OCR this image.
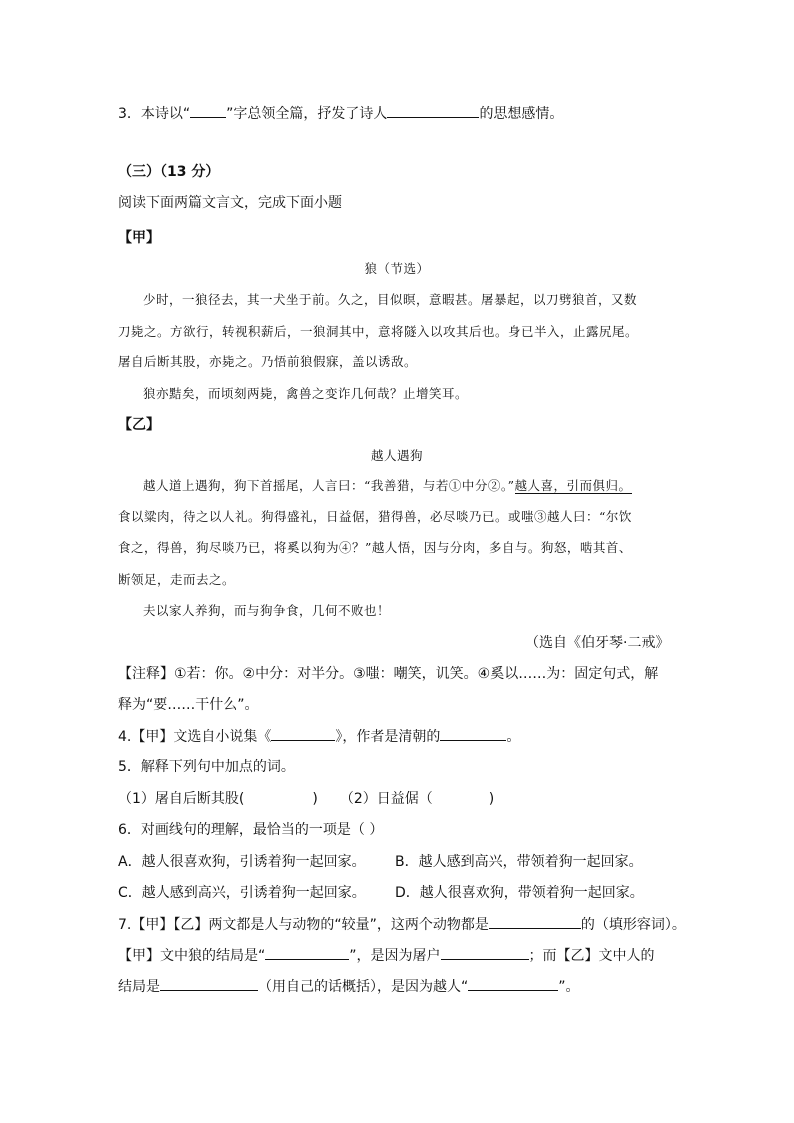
3．本诗以“	”字总领全篇，抒发了诗人	的思想感情。
（三）（13 分）
阅读下面两篇文言文，完成下面小题
【甲】
狼（节选）
少时，一狼径去，其一犬坐于前。久之，目似暝，意暇甚。屠暴起，以刀劈狼首，又数
刀毙之。方欲行，转视积薪后，一狼洞其中，意将隧入以攻其后也。身已半入，止露尻尾。
屠自后断其股，亦毙之。乃悟前狼假寐，盖以诱敌。
狼亦黠矣，而顷刻两毙，禽兽之变诈几何哉？止增笑耳。
【乙】
越人遇狗
越人道上遇狗，狗下首摇尾，人言曰：“我善猎，与若①中分②。”越人喜，引而俱归。
食以粱肉，待之以人礼。狗得盛礼，日益倨，猎得兽，必尽啖乃已。或嗤③越人曰：“尔饮
食之，得兽，狗尽啖乃已，将奚以狗为④？”越人悟，因与分肉，多自与。狗怒，啮其首、
断领足，走而去之。
夫以家人养狗，而与狗争食，几何不败也！
（选自《伯牙琴·二戒》
【注释】①若：你。②中分：对半分。③嗤：嘲笑，讥笑。④奚以……为：固定句式，解
释为“要……干什么”。
4.【甲】文选自小说集《	》，作者是清朝的	。
5．解释下列句中加点的词。
（1）屠自后断其股(	) （2）日益倨（	)
6．对画线句的理解，最恰当的一项是（ ）
A．越人很喜欢狗，引诱着狗一起回家。 B．越人感到高兴，带领着狗一起回家。
C．越人感到高兴，引诱着狗一起回家。 D．越人很喜欢狗，带领着狗一起回家。
7.【甲】【乙】两文都是人与动物的“较量”，这两个动物都是	的（填形容词）。
【甲】文中狼的结局是“	”，是因为屠户	；而【乙】文中人的
结局是	（用自己的话概括），是因为越人“	”。
